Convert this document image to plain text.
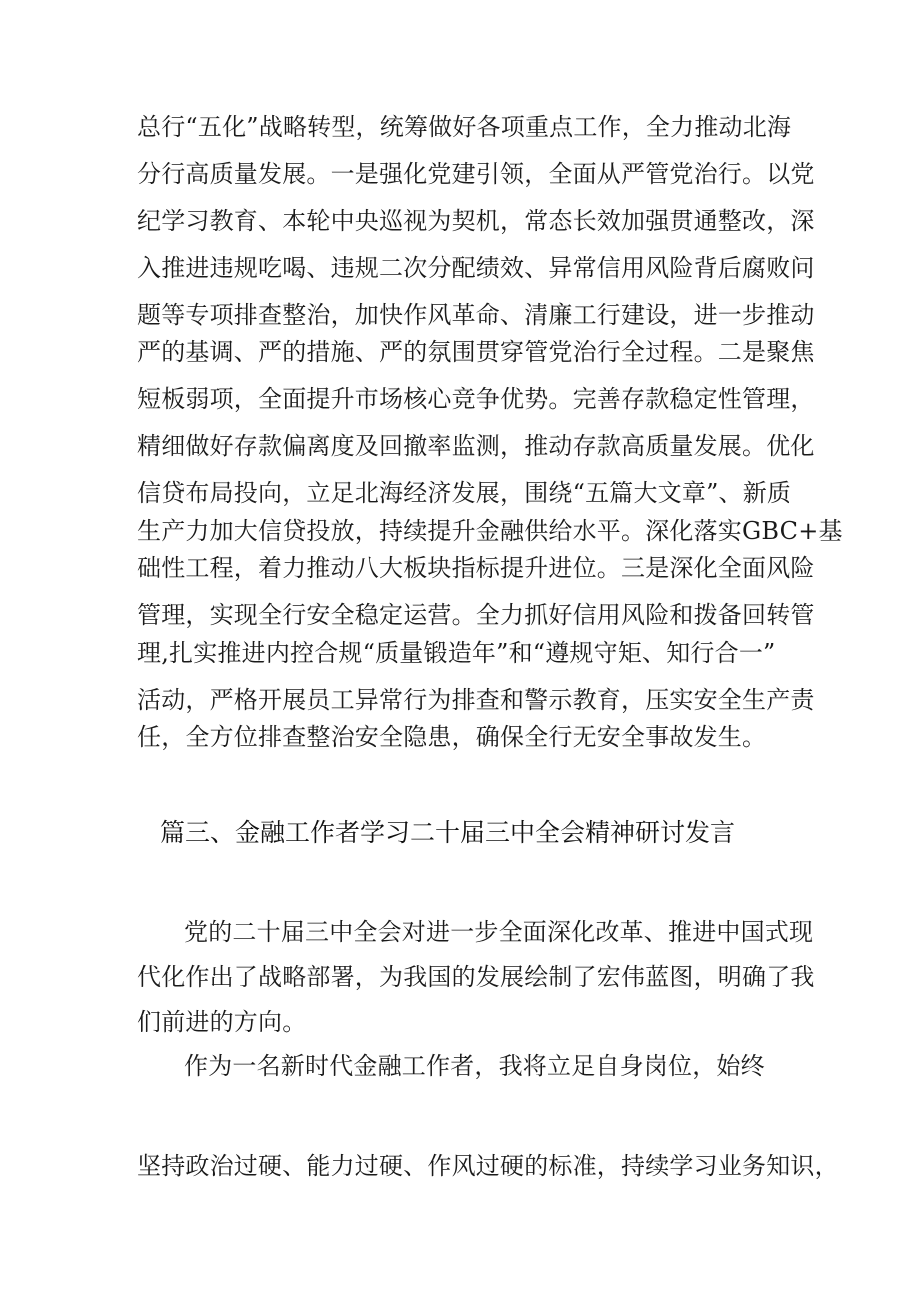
总行“五化”战略转型，统筹做好各项重点工作，全力推动北海
分行高质量发展。一是强化党建引领，全面从严管党治行。以党
纪学习教育、本轮中央巡视为契机，常态长效加强贯通整改，深
入推进违规吃喝、违规二次分配绩效、异常信用风险背后腐败问
题等专项排查整治，加快作风革命、清廉工行建设，进一步推动
严的基调、严的措施、严的氛围贯穿管党治行全过程。二是聚焦
短板弱项，全面提升市场核心竞争优势。完善存款稳定性管理，
精细做好存款偏离度及回撤率监测，推动存款高质量发展。优化
信贷布局投向，立足北海经济发展，围绕“五篇大文章”、新质
生产力加大信贷投放，持续提升金融供给水平。深化落实GBC+基
础性工程，着力推动八大板块指标提升进位。三是深化全面风险
管理，实现全行安全稳定运营。全力抓好信用风险和拨备回转管
理,扎实推进内控合规“质量锻造年”和“遵规守矩、知行合一”
活动，严格开展员工异常行为排查和警示教育，压实安全生产责
任，全方位排查整治安全隐患，确保全行无安全事故发生。
篇三、金融工作者学习二十届三中全会精神研讨发言
党的二十届三中全会对进一步全面深化改革、推进中国式现
代化作出了战略部署，为我国的发展绘制了宏伟蓝图，明确了我
们前进的方向。
作为一名新时代金融工作者，我将立足自身岗位，始终
坚持政治过硬、能力过硬、作风过硬的标准，持续学习业务知识，
